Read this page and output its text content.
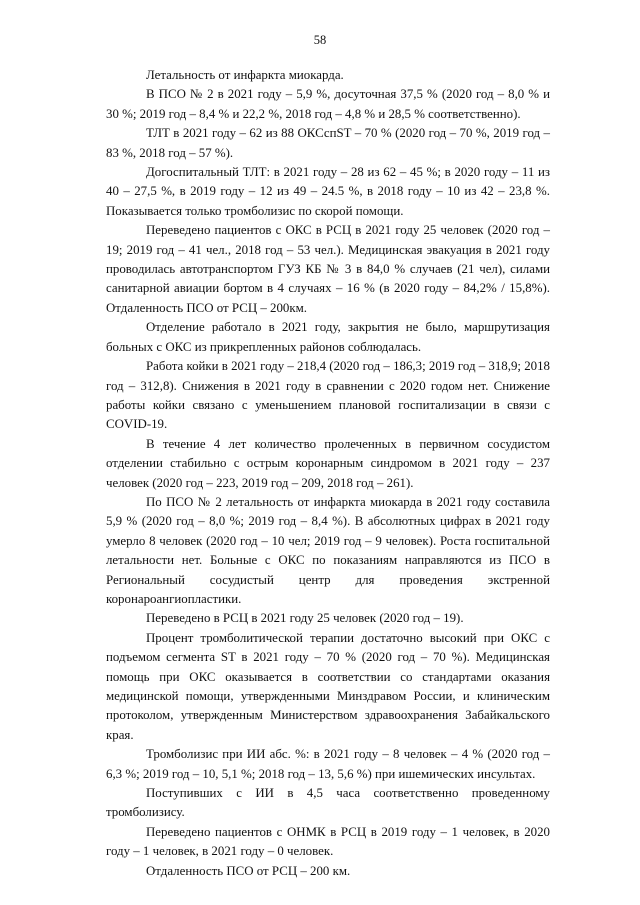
58

Летальность от инфаркта миокарда.

В ПСО № 2 в 2021 году – 5,9 %, досуточная 37,5 % (2020 год – 8,0 % и 30 %; 2019 год – 8,4 % и 22,2 %, 2018 год – 4,8 % и 28,5 % соответственно).

ТЛТ в 2021 году – 62 из 88 ОКСспST – 70 % (2020 год – 70 %, 2019 год – 83 %, 2018 год – 57 %).

Догоспитальный ТЛТ: в 2021 году – 28 из 62 – 45 %; в 2020 году – 11 из 40 – 27,5 %, в 2019 году – 12 из 49 – 24.5 %, в 2018 году – 10 из 42 – 23,8 %. Показывается только тромболизис по скорой помощи.

Переведено пациентов с ОКС в РСЦ в 2021 году 25 человек (2020 год – 19; 2019 год – 41 чел., 2018 год – 53 чел.). Медицинская эвакуация в 2021 году проводилась автотранспортом ГУЗ КБ № 3 в 84,0 % случаев (21 чел), силами санитарной авиации бортом в 4 случаях – 16 % (в 2020 году – 84,2% / 15,8%). Отдаленность ПСО от РСЦ – 200км.

Отделение работало в 2021 году, закрытия не было, маршрутизация больных с ОКС из прикрепленных районов соблюдалась.

Работа койки в 2021 году – 218,4 (2020 год – 186,3; 2019 год – 318,9; 2018 год – 312,8). Снижения в 2021 году в сравнении с 2020 годом нет. Снижение работы койки связано с уменьшением плановой госпитализации в связи с COVID-19.

В течение 4 лет количество пролеченных в первичном сосудистом отделении стабильно с острым коронарным синдромом в 2021 году – 237 человек (2020 год – 223, 2019 год – 209, 2018 год – 261).

По ПСО № 2 летальность от инфаркта миокарда в 2021 году составила 5,9 % (2020 год – 8,0 %; 2019 год – 8,4 %). В абсолютных цифрах в 2021 году умерло 8 человек (2020 год – 10 чел; 2019 год – 9 человек). Роста госпитальной летальности нет. Больные с ОКС по показаниям направляются из ПСО в Региональный сосудистый центр для проведения экстренной коронароангиопластики.

Переведено в РСЦ в 2021 году 25 человек (2020 год – 19).

Процент тромболитической терапии достаточно высокий при ОКС с подъемом сегмента ST в 2021 году – 70 % (2020 год – 70 %). Медицинская помощь при ОКС оказывается в соответствии со стандартами оказания медицинской помощи, утвержденными Минздравом России, и клиническим протоколом, утвержденным Министерством здравоохранения Забайкальского края.

Тромболизис при ИИ абс. %: в 2021 году – 8 человек – 4 % (2020 год – 6,3 %; 2019 год – 10, 5,1 %; 2018 год – 13, 5,6 %) при ишемических инсультах.

Поступивших с ИИ в 4,5 часа соответственно проведенному тромболизису.

Переведено пациентов с ОНМК в РСЦ в 2019 году – 1 человек, в 2020 году – 1 человек, в 2021 году – 0 человек.

Отдаленность ПСО от РСЦ – 200 км.
